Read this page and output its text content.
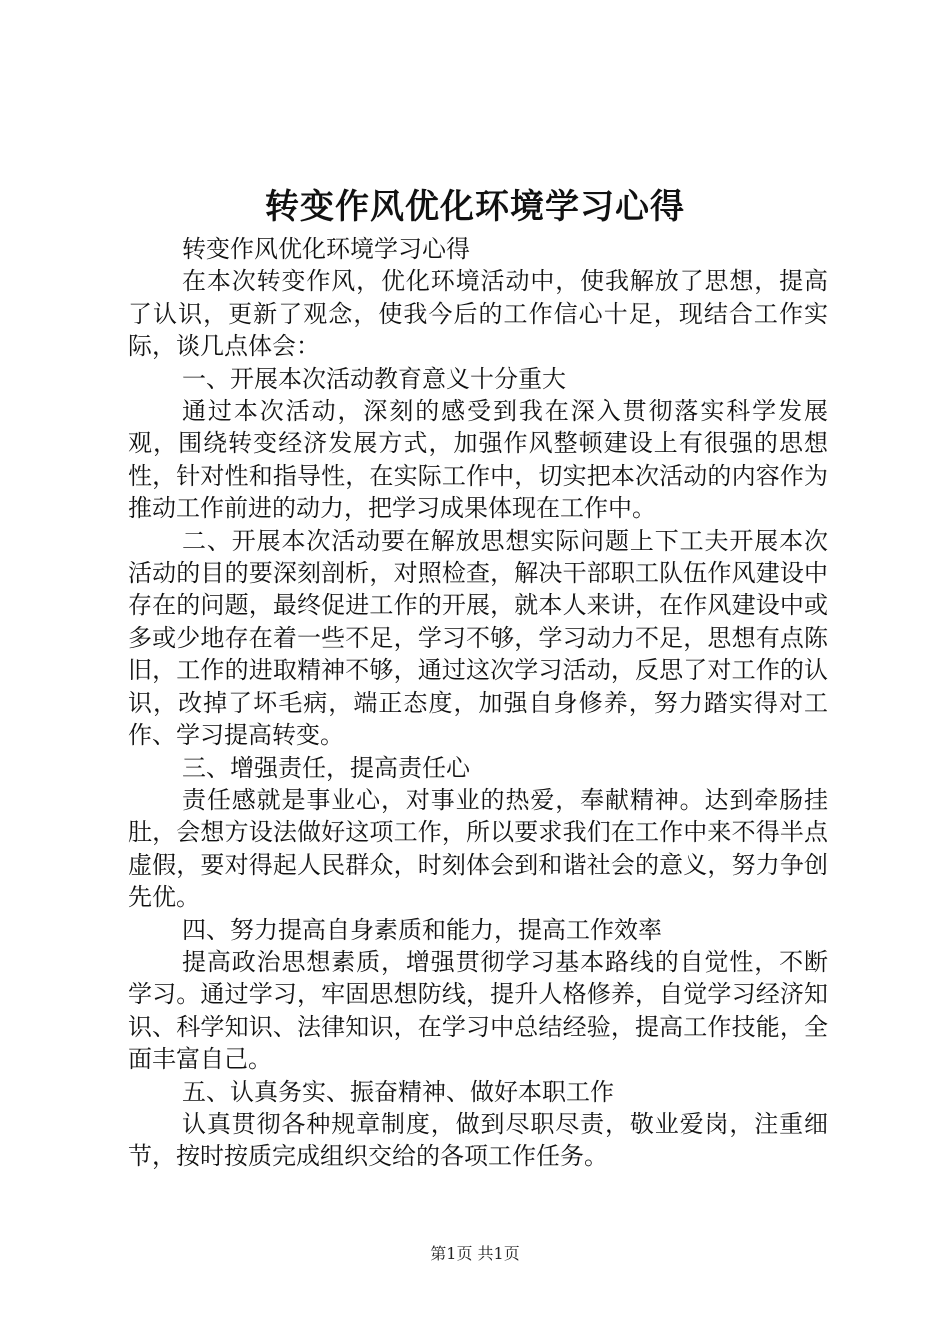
转变作风优化环境学习心得

转变作风优化环境学习心得

在本次转变作风，优化环境活动中，使我解放了思想，提高了认识，更新了观念，使我今后的工作信心十足，现结合工作实际，谈几点体会：

一、开展本次活动教育意义十分重大

通过本次活动，深刻的感受到我在深入贯彻落实科学发展观，围绕转变经济发展方式，加强作风整顿建设上有很强的思想性，针对性和指导性，在实际工作中，切实把本次活动的内容作为推动工作前进的动力，把学习成果体现在工作中。

二、开展本次活动要在解放思想实际问题上下工夫开展本次活动的目的要深刻剖析，对照检查，解决干部职工队伍作风建设中存在的问题，最终促进工作的开展，就本人来讲，在作风建设中或多或少地存在着一些不足，学习不够，学习动力不足，思想有点陈旧，工作的进取精神不够，通过这次学习活动，反思了对工作的认识，改掉了坏毛病，端正态度，加强自身修养，努力踏实得对工作、学习提高转变。

三、增强责任，提高责任心

责任感就是事业心，对事业的热爱，奉献精神。达到牵肠挂肚，会想方设法做好这项工作，所以要求我们在工作中来不得半点虚假，要对得起人民群众，时刻体会到和谐社会的意义，努力争创先优。

四、努力提高自身素质和能力，提高工作效率

提高政治思想素质，增强贯彻学习基本路线的自觉性，不断学习。通过学习，牢固思想防线，提升人格修养，自觉学习经济知识、科学知识、法律知识，在学习中总结经验，提高工作技能，全面丰富自己。

五、认真务实、振奋精神、做好本职工作

认真贯彻各种规章制度，做到尽职尽责，敬业爱岗，注重细节，按时按质完成组织交给的各项工作任务。

第1页 共1页
